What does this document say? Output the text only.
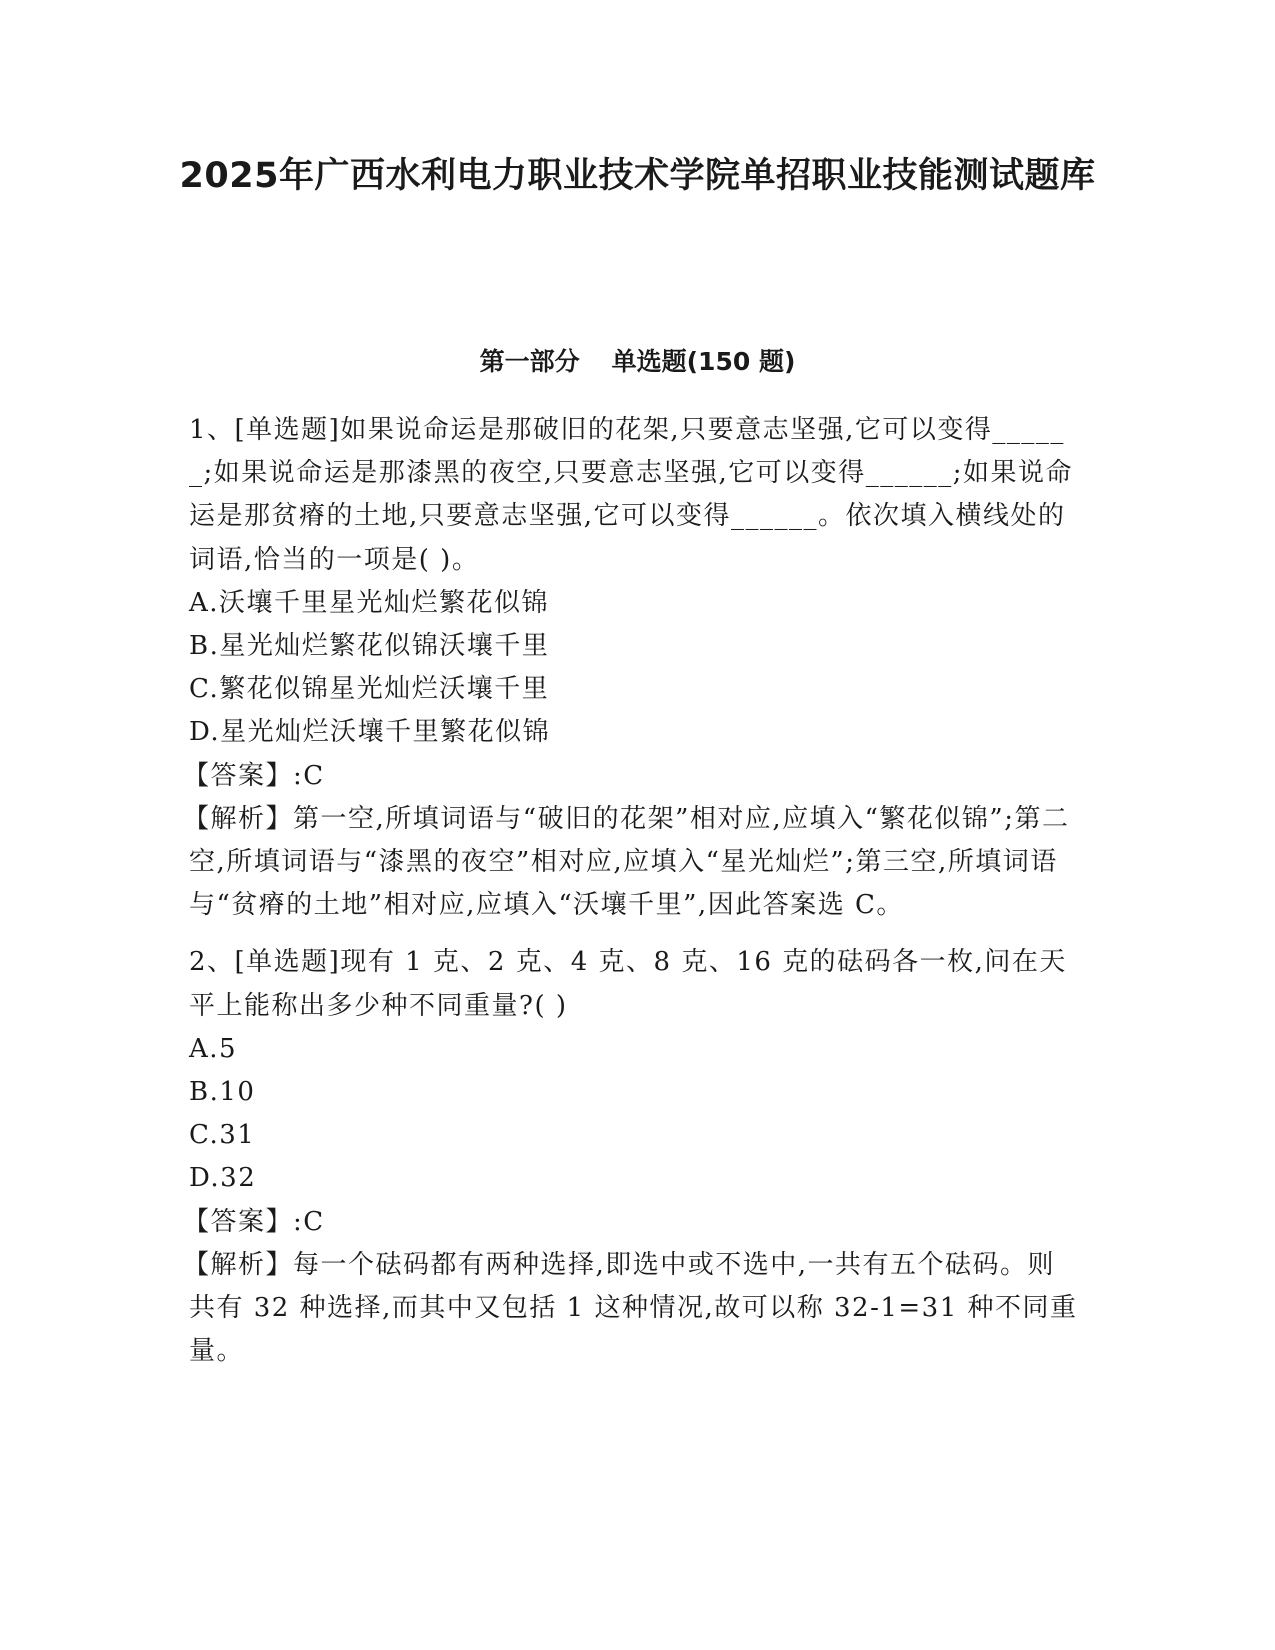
2025年广西水利电力职业技术学院单招职业技能测试题库
第一部分 单选题(150 题)

1、[单选题]如果说命运是那破旧的花架,只要意志坚强,它可以变得______;如果说命运是那漆黑的夜空,只要意志坚强,它可以变得______;如果说命运是那贫瘠的土地,只要意志坚强,它可以变得______。依次填入横线处的词语,恰当的一项是( )。

A.沃壤千里星光灿烂繁花似锦

B.星光灿烂繁花似锦沃壤千里

C.繁花似锦星光灿烂沃壤千里

D.星光灿烂沃壤千里繁花似锦

【答案】:C

【解析】第一空,所填词语与“破旧的花架”相对应,应填入“繁花似锦”;第二空,所填词语与“漆黑的夜空”相对应,应填入“星光灿烂”;第三空,所填词语与“贫瘠的土地”相对应,应填入“沃壤千里”,因此答案选 C。

2、[单选题]现有 1 克、2 克、4 克、8 克、16 克的砝码各一枚,问在天平上能称出多少种不同重量?( )

A.5

B.10

C.31

D.32

【答案】:C

【解析】每一个砝码都有两种选择,即选中或不选中,一共有五个砝码。则共有 32 种选择,而其中又包括 1 这种情况,故可以称 32-1=31 种不同重量。
